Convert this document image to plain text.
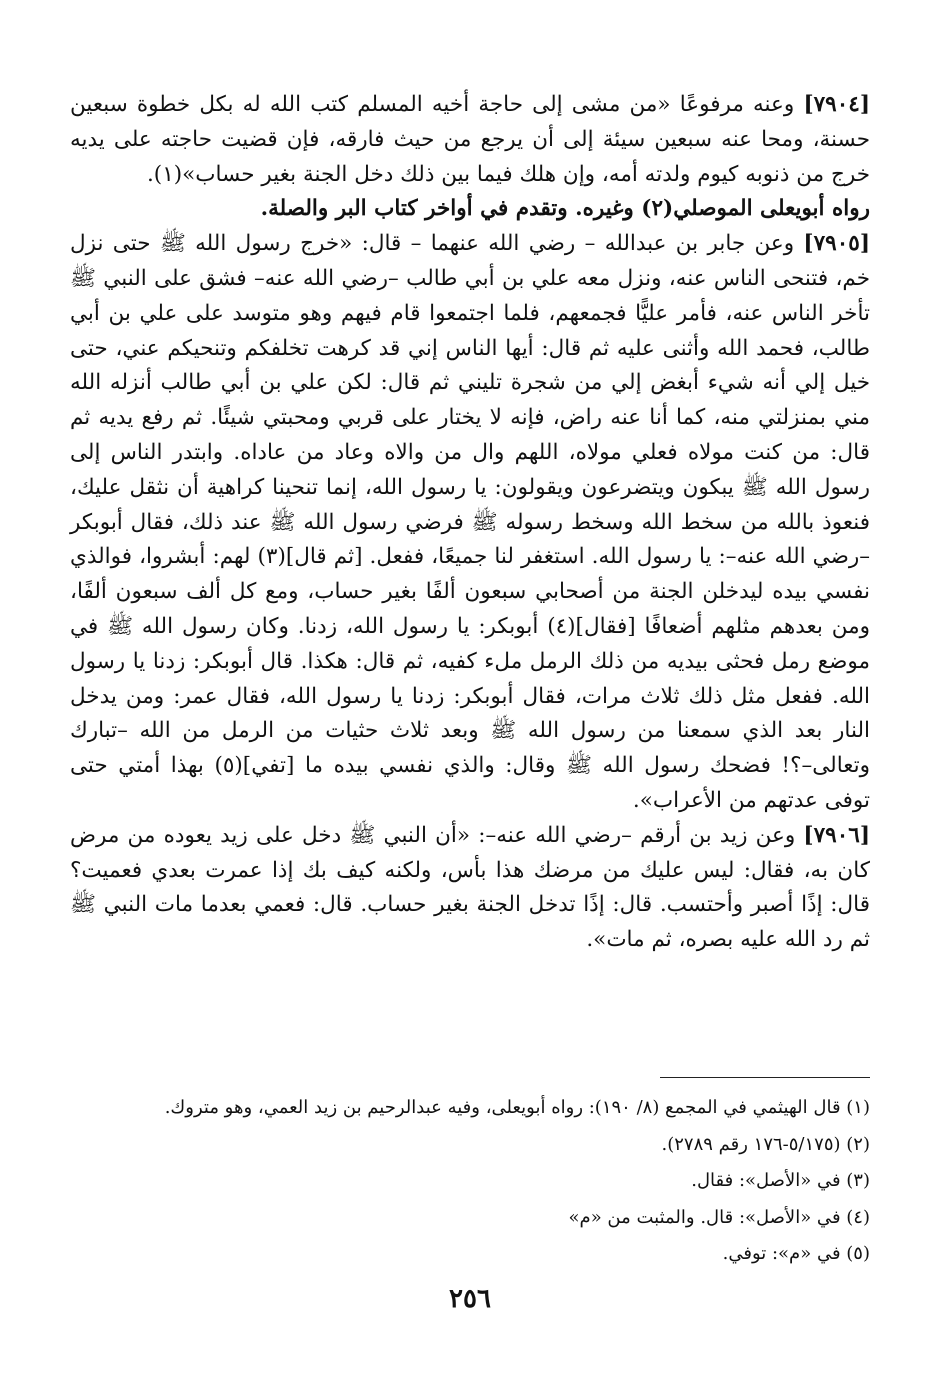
[٧٩٠٤] وعنه مرفوعًا «من مشى إلى حاجة أخيه المسلم كتب الله له بكل خطوة سبعين حسنة، ومحا عنه سبعين سيئة إلى أن يرجع من حيث فارقه، فإن قضيت حاجته على يديه خرج من ذنوبه كيوم ولدته أمه، وإن هلك فيما بين ذلك دخل الجنة بغير حساب»(١).

رواه أبويعلى الموصلي(٢) وغيره. وتقدم في أواخر كتاب البر والصلة.

[٧٩٠٥] وعن جابر بن عبدالله – رضي الله عنهما – قال: «خرج رسول الله ﷺ حتى نزل خم، فتنحى الناس عنه، ونزل معه علي بن أبي طالب –رضي الله عنه– فشق على النبي ﷺ تأخر الناس عنه، فأمر عليًّا فجمعهم، فلما اجتمعوا قام فيهم وهو متوسد على علي بن أبي طالب، فحمد الله وأثنى عليه ثم قال: أيها الناس إني قد كرهت تخلفكم وتنحيكم عني، حتى خيل إلي أنه شيء أبغض إلي من شجرة تليني ثم قال: لكن علي بن أبي طالب أنزله الله مني بمنزلتي منه، كما أنا عنه راض، فإنه لا يختار على قربي ومحبتي شيئًا. ثم رفع يديه ثم قال: من كنت مولاه فعلي مولاه، اللهم وال من والاه وعاد من عاداه. وابتدر الناس إلى رسول الله ﷺ يبكون ويتضرعون ويقولون: يا رسول الله، إنما تنحينا كراهية أن نثقل عليك، فنعوذ بالله من سخط الله وسخط رسوله ﷺ فرضي رسول الله ﷺ عند ذلك، فقال أبوبكر –رضي الله عنه–: يا رسول الله. استغفر لنا جميعًا، ففعل. [ثم قال](٣) لهم: أبشروا، فوالذي نفسي بيده ليدخلن الجنة من أصحابي سبعون ألفًا بغير حساب، ومع كل ألف سبعون ألفًا، ومن بعدهم مثلهم أضعافًا [فقال](٤) أبوبكر: يا رسول الله، زدنا. وكان رسول الله ﷺ في موضع رمل فحثى بيديه من ذلك الرمل ملء كفيه، ثم قال: هكذا. قال أبوبكر: زدنا يا رسول الله. ففعل مثل ذلك ثلاث مرات، فقال أبوبكر: زدنا يا رسول الله، فقال عمر: ومن يدخل النار بعد الذي سمعنا من رسول الله ﷺ وبعد ثلاث حثيات من الرمل من الله –تبارك وتعالى–؟! فضحك رسول الله ﷺ وقال: والذي نفسي بيده ما [تفي](٥) بهذا أمتي حتى توفى عدتهم من الأعراب».

[٧٩٠٦] وعن زيد بن أرقم –رضي الله عنه–: «أن النبي ﷺ دخل على زيد يعوده من مرض كان به، فقال: ليس عليك من مرضك هذا بأس، ولكنه كيف بك إذا عمرت بعدي فعميت؟ قال: إذًا أصبر وأحتسب. قال: إذًا تدخل الجنة بغير حساب. قال: فعمي بعدما مات النبي ﷺ ثم رد الله عليه بصره، ثم مات».

(١) قال الهيثمي في المجمع (٨/ ١٩٠): رواه أبويعلى، وفيه عبدالرحيم بن زيد العمي، وهو متروك.

(٢) (٥/١٧٥-١٧٦ رقم ٢٧٨٩).

(٣) في «الأصل»: فقال.

(٤) في «الأصل»: قال. والمثبت من «م»

(٥) في «م»: توفي.

٢٥٦
